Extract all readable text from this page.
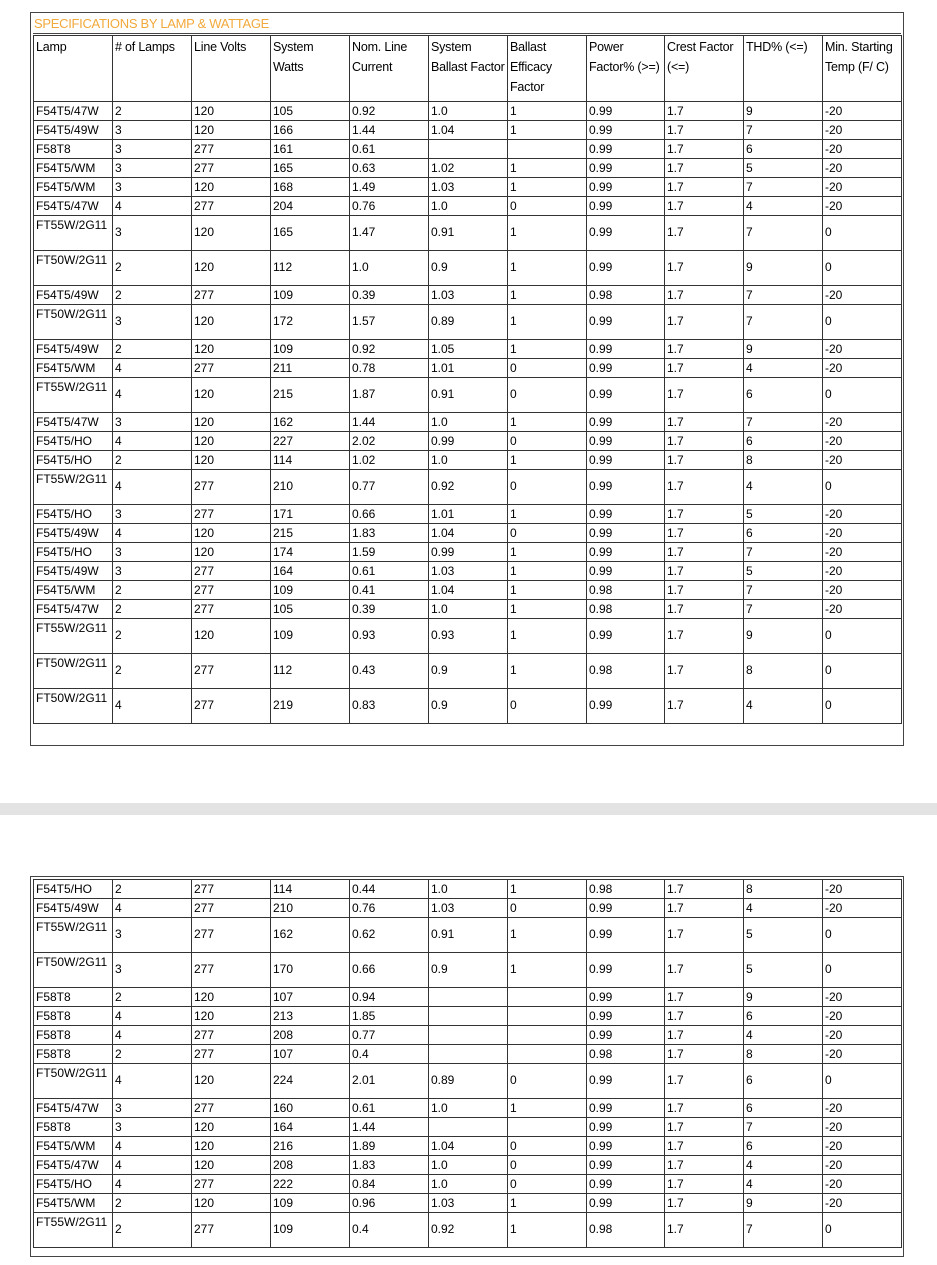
SPECIFICATIONS BY LAMP & WATTAGE
Lamp	# of Lamps	Line Volts	System Watts	Nom. Line Current	System Ballast Factor	Ballast Efficacy Factor	Power Factor% (>=)	Crest Factor (<=)	THD% (<=)	Min. Starting Temp (F/ C)
F54T5/47W	2	120	105	0.92	1.0	1	0.99	1.7	9	-20
F54T5/49W	3	120	166	1.44	1.04	1	0.99	1.7	7	-20
F58T8	3	277	161	0.61			0.99	1.7	6	-20
F54T5/WM	3	277	165	0.63	1.02	1	0.99	1.7	5	-20
F54T5/WM	3	120	168	1.49	1.03	1	0.99	1.7	7	-20
F54T5/47W	4	277	204	0.76	1.0	0	0.99	1.7	4	-20
FT55W/2G11	3	120	165	1.47	0.91	1	0.99	1.7	7	0
FT50W/2G11	2	120	112	1.0	0.9	1	0.99	1.7	9	0
F54T5/49W	2	277	109	0.39	1.03	1	0.98	1.7	7	-20
FT50W/2G11	3	120	172	1.57	0.89	1	0.99	1.7	7	0
F54T5/49W	2	120	109	0.92	1.05	1	0.99	1.7	9	-20
F54T5/WM	4	277	211	0.78	1.01	0	0.99	1.7	4	-20
FT55W/2G11	4	120	215	1.87	0.91	0	0.99	1.7	6	0
F54T5/47W	3	120	162	1.44	1.0	1	0.99	1.7	7	-20
F54T5/HO	4	120	227	2.02	0.99	0	0.99	1.7	6	-20
F54T5/HO	2	120	114	1.02	1.0	1	0.99	1.7	8	-20
FT55W/2G11	4	277	210	0.77	0.92	0	0.99	1.7	4	0
F54T5/HO	3	277	171	0.66	1.01	1	0.99	1.7	5	-20
F54T5/49W	4	120	215	1.83	1.04	0	0.99	1.7	6	-20
F54T5/HO	3	120	174	1.59	0.99	1	0.99	1.7	7	-20
F54T5/49W	3	277	164	0.61	1.03	1	0.99	1.7	5	-20
F54T5/WM	2	277	109	0.41	1.04	1	0.98	1.7	7	-20
F54T5/47W	2	277	105	0.39	1.0	1	0.98	1.7	7	-20
FT55W/2G11	2	120	109	0.93	0.93	1	0.99	1.7	9	0
FT50W/2G11	2	277	112	0.43	0.9	1	0.98	1.7	8	0
FT50W/2G11	4	277	219	0.83	0.9	0	0.99	1.7	4	0
F54T5/HO	2	277	114	0.44	1.0	1	0.98	1.7	8	-20
F54T5/49W	4	277	210	0.76	1.03	0	0.99	1.7	4	-20
FT55W/2G11	3	277	162	0.62	0.91	1	0.99	1.7	5	0
FT50W/2G11	3	277	170	0.66	0.9	1	0.99	1.7	5	0
F58T8	2	120	107	0.94			0.99	1.7	9	-20
F58T8	4	120	213	1.85			0.99	1.7	6	-20
F58T8	4	277	208	0.77			0.99	1.7	4	-20
F58T8	2	277	107	0.4			0.98	1.7	8	-20
FT50W/2G11	4	120	224	2.01	0.89	0	0.99	1.7	6	0
F54T5/47W	3	277	160	0.61	1.0	1	0.99	1.7	6	-20
F58T8	3	120	164	1.44			0.99	1.7	7	-20
F54T5/WM	4	120	216	1.89	1.04	0	0.99	1.7	6	-20
F54T5/47W	4	120	208	1.83	1.0	0	0.99	1.7	4	-20
F54T5/HO	4	277	222	0.84	1.0	0	0.99	1.7	4	-20
F54T5/WM	2	120	109	0.96	1.03	1	0.99	1.7	9	-20
FT55W/2G11	2	277	109	0.4	0.92	1	0.98	1.7	7	0
